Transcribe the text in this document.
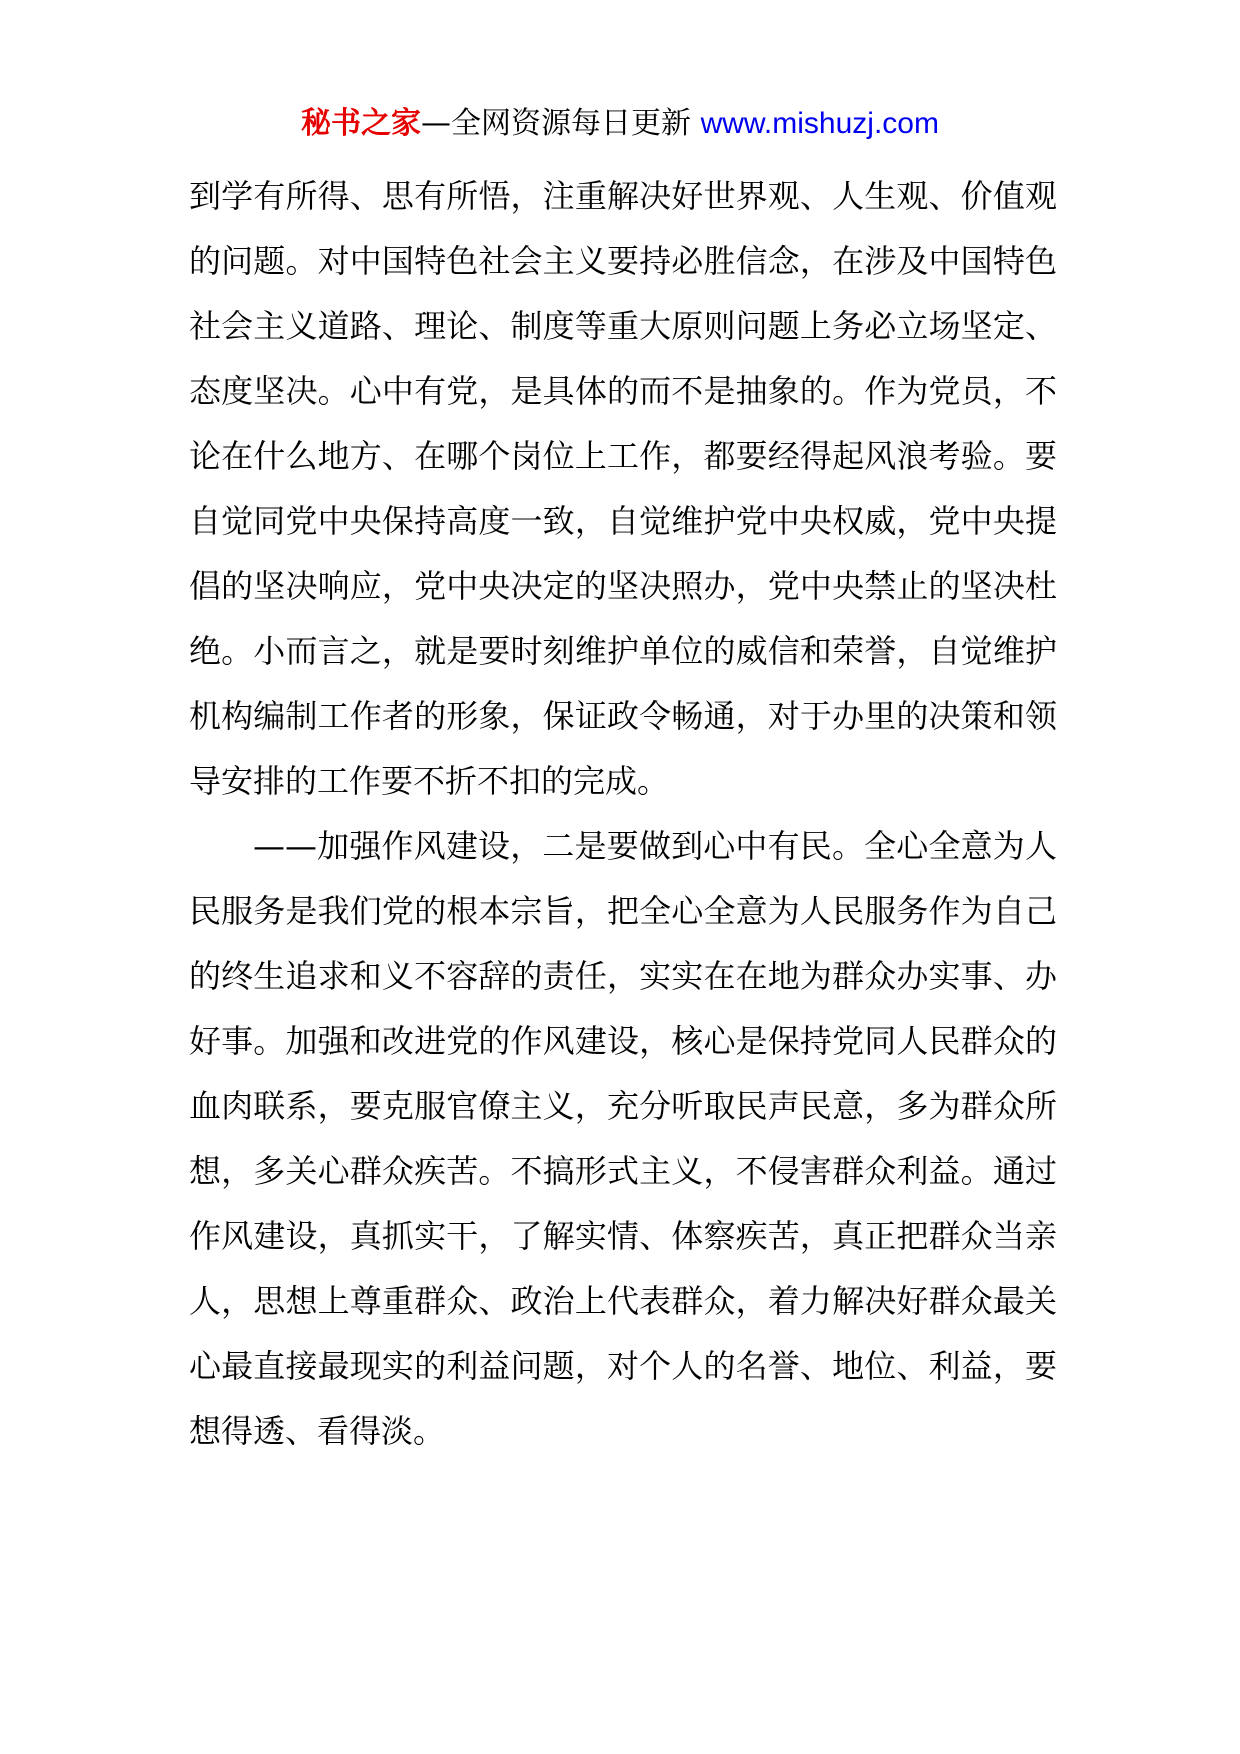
秘书之家—全网资源每日更新 www.mishuzj.com

到学有所得、思有所悟，注重解决好世界观、人生观、价值观的问题。对中国特色社会主义要持必胜信念，在涉及中国特色社会主义道路、理论、制度等重大原则问题上务必立场坚定、态度坚决。心中有党，是具体的而不是抽象的。作为党员，不论在什么地方、在哪个岗位上工作，都要经得起风浪考验。要自觉同党中央保持高度一致，自觉维护党中央权威，党中央提倡的坚决响应，党中央决定的坚决照办，党中央禁止的坚决杜绝。小而言之，就是要时刻维护单位的威信和荣誉，自觉维护机构编制工作者的形象，保证政令畅通，对于办里的决策和领导安排的工作要不折不扣的完成。

——加强作风建设，二是要做到心中有民。全心全意为人民服务是我们党的根本宗旨，把全心全意为人民服务作为自己的终生追求和义不容辞的责任，实实在在地为群众办实事、办好事。加强和改进党的作风建设，核心是保持党同人民群众的血肉联系，要克服官僚主义，充分听取民声民意，多为群众所想，多关心群众疾苦。不搞形式主义，不侵害群众利益。通过作风建设，真抓实干，了解实情、体察疾苦，真正把群众当亲人，思想上尊重群众、政治上代表群众，着力解决好群众最关心最直接最现实的利益问题，对个人的名誉、地位、利益，要想得透、看得淡。
